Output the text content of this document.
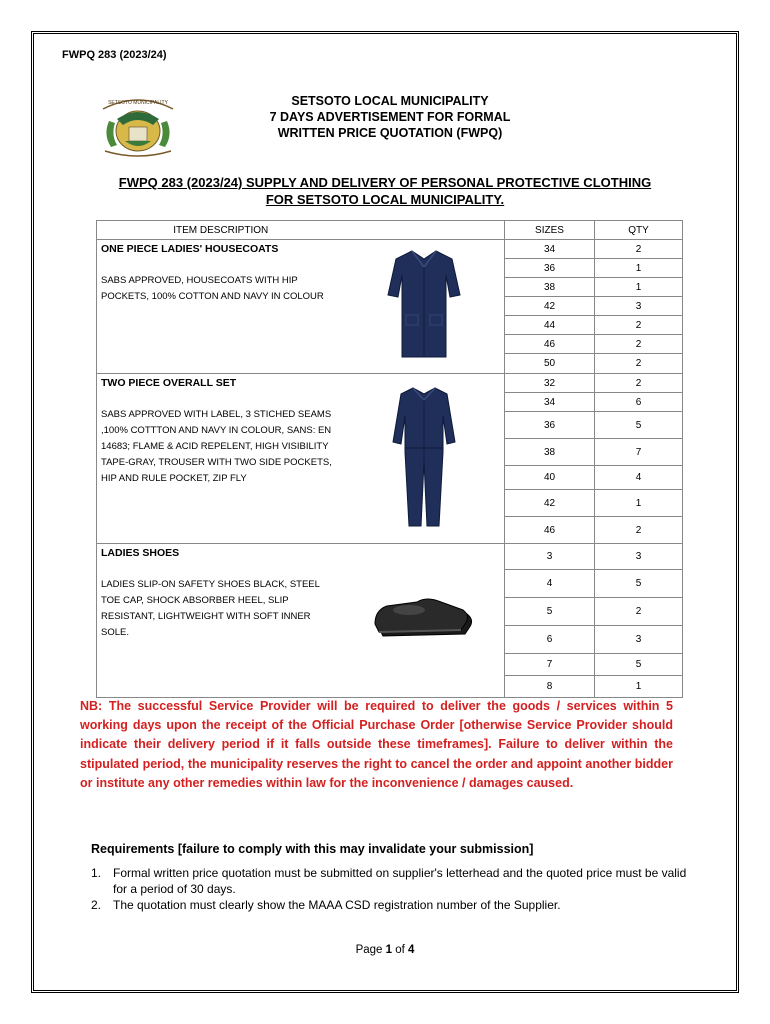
FWPQ 283 (2023/24)
SETSOTO MUNICIPALITY	SETSOTO LOCAL MUNICIPALITY
7 DAYS ADVERTISEMENT FOR FORMAL
WRITTEN PRICE QUOTATION (FWPQ)
FWPQ 283 (2023/24) SUPPLY AND DELIVERY OF PERSONAL PROTECTIVE CLOTHING
FOR SETSOTO LOCAL MUNICIPALITY.
ITEM DESCRIPTION		SIZES	QTY

ONE PIECE LADIES' HOUSECOATS
SABS APPROVED, HOUSECOATS WITH HIP POCKETS, 100% COTTON AND NAVY IN COLOUR		34	2
		36	1
		38	1
		42	3
		44	2
		46	2
		50	2

TWO PIECE OVERALL SET
SABS APPROVED WITH LABEL, 3 STICHED SEAMS ,100% COTTTON AND NAVY IN COLOUR, SANS: EN 14683; FLAME & ACID REPELENT, HIGH VISIBILITY TAPE-GRAY, TROUSER WITH TWO SIDE POCKETS, HIP AND RULE POCKET, ZIP FLY		32	2
		34	6
		36	5
		38	7
		40	4
		42	1
		46	2

LADIES SHOES
LADIES SLIP-ON SAFETY SHOES BLACK, STEEL TOE CAP, SHOCK ABSORBER HEEL, SLIP RESISTANT, LIGHTWEIGHT WITH SOFT INNER SOLE.		3	3
		4	5
		5	2
		6	3
		7	5
		8	1
NB: The successful Service Provider will be required to deliver the goods / services within 5 working days upon the receipt of the Official Purchase Order [otherwise Service Provider should indicate their delivery period if it falls outside these timeframes]. Failure to deliver within the stipulated period, the municipality reserves the right to cancel the order and appoint another bidder or institute any other remedies within law for the inconvenience / damages caused.
Requirements [failure to comply with this may invalidate your submission]
1. Formal written price quotation must be submitted on supplier's letterhead and the quoted price must be valid for a period of 30 days.
2. The quotation must clearly show the MAAA CSD registration number of the Supplier.
Page 1 of 4
